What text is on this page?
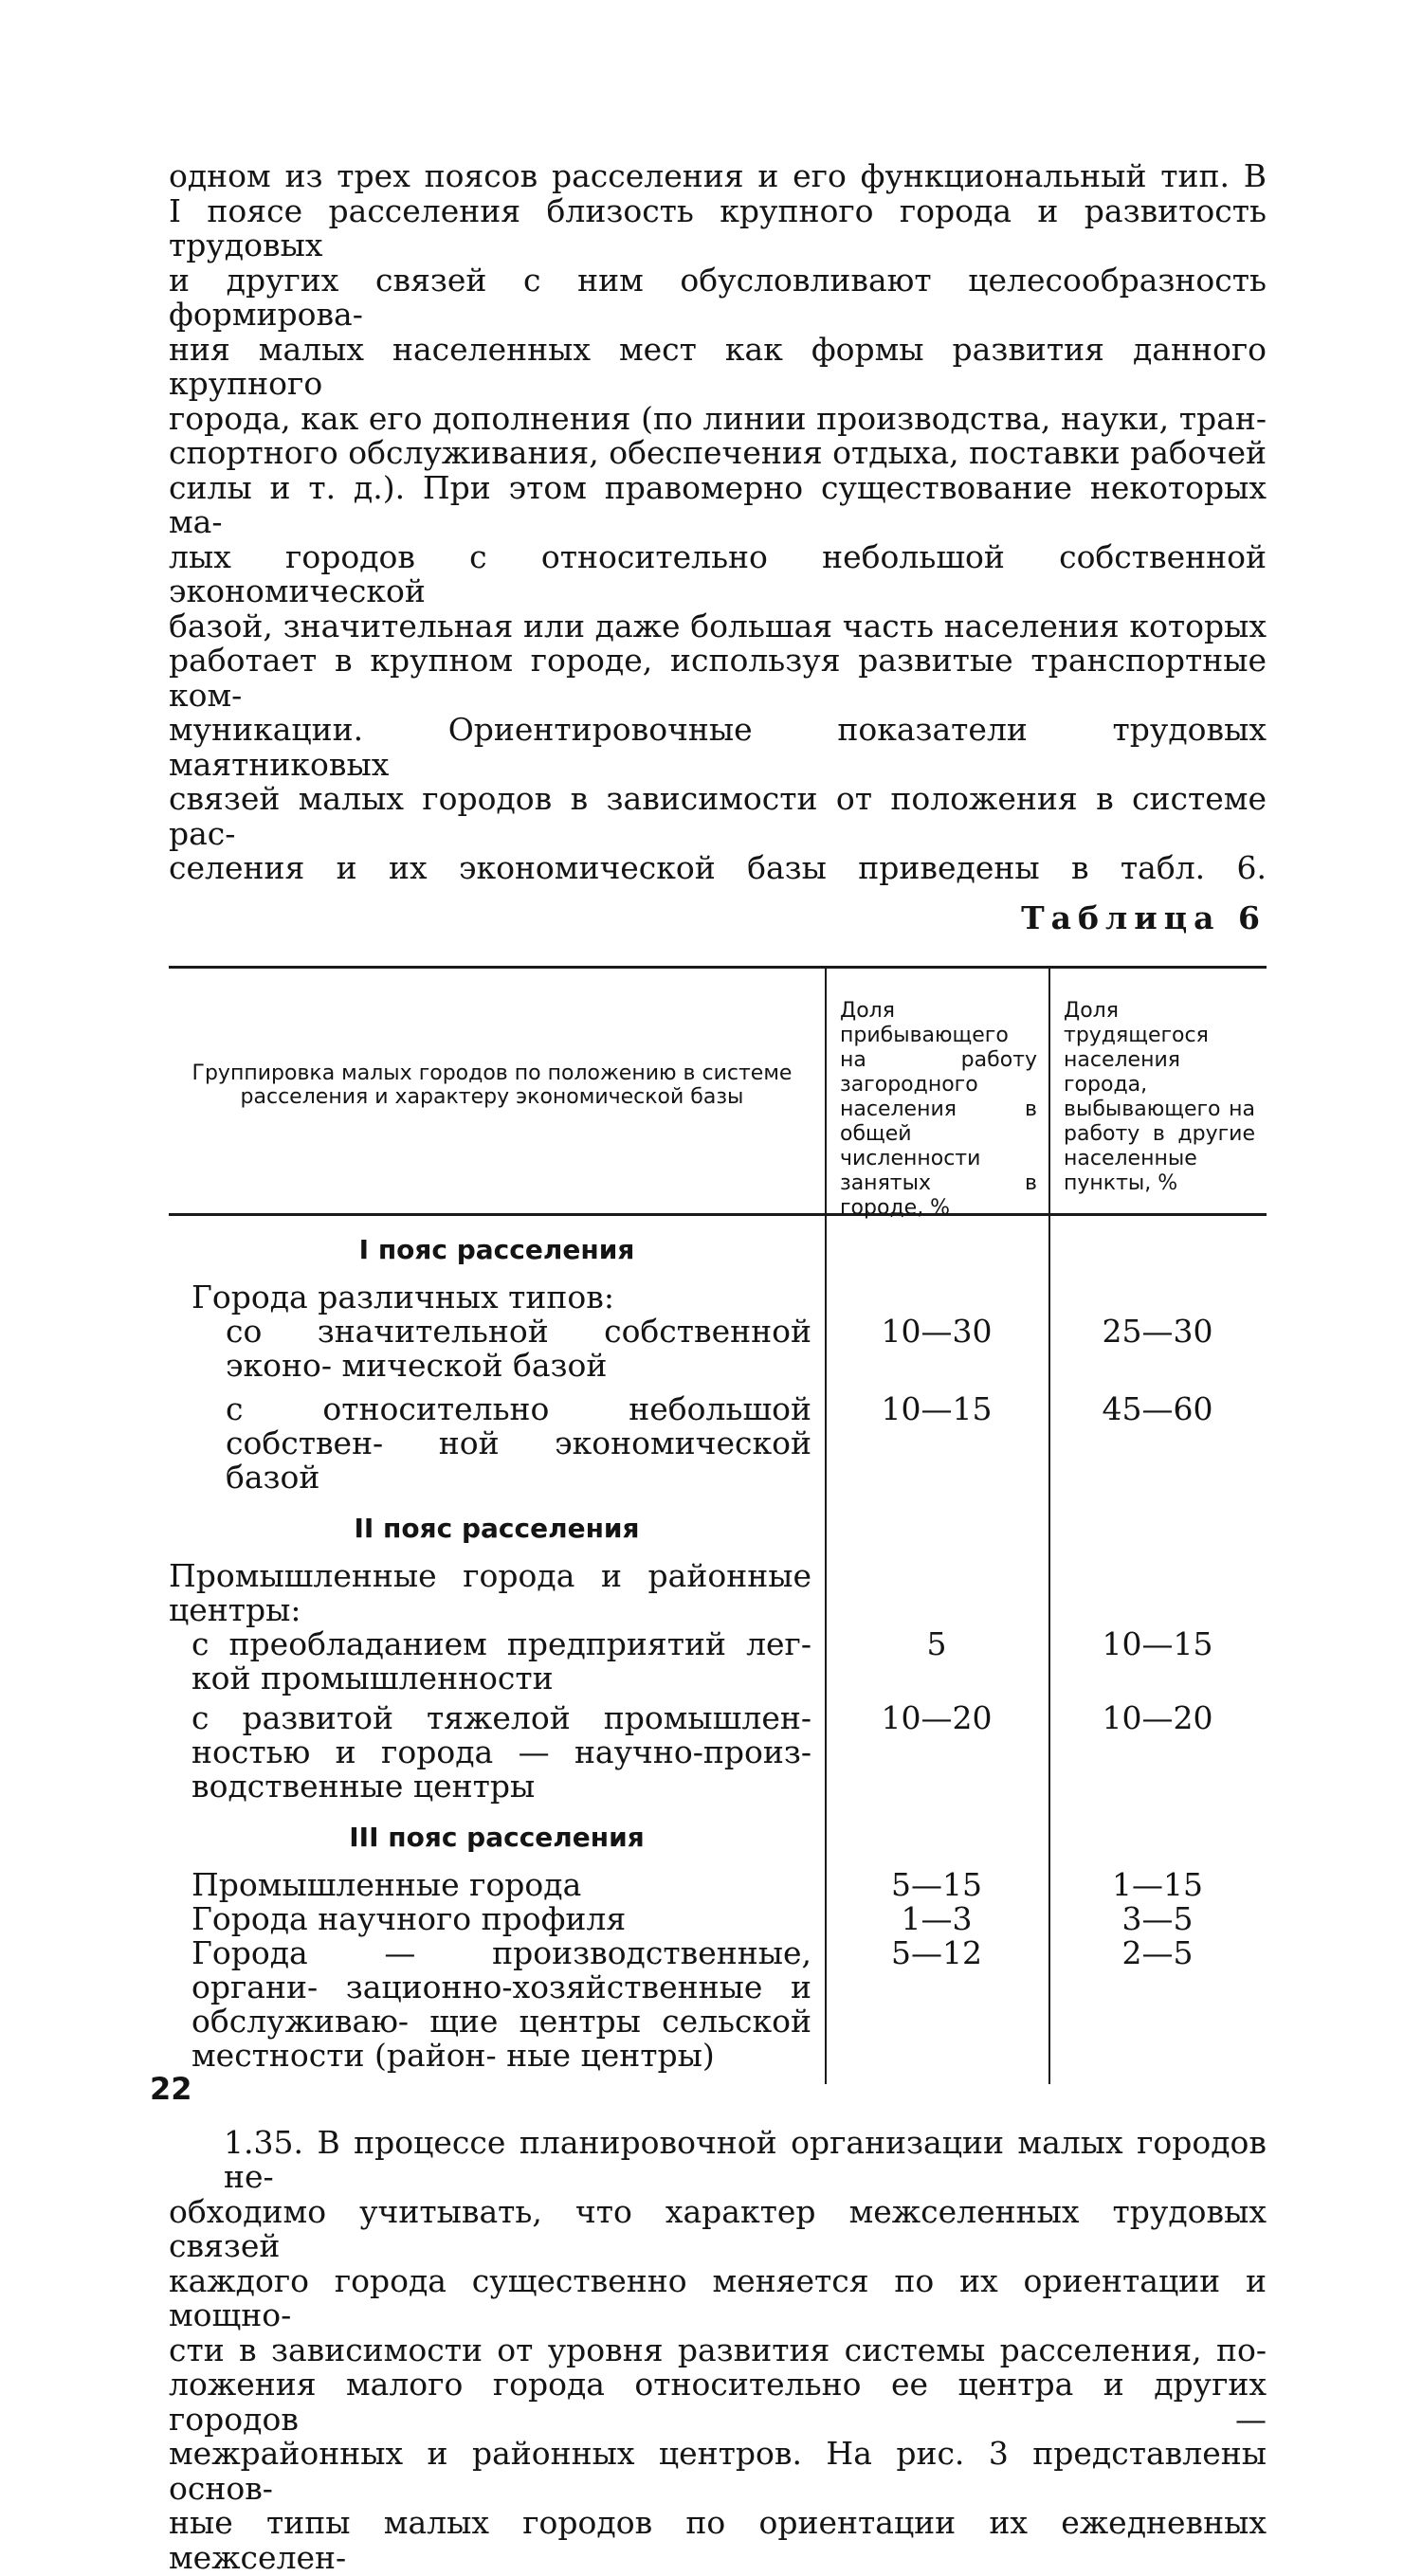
одном из трех поясов расселения и его функциональный тип. В

I поясе расселения близость крупного города и развитость трудовых

и других связей с ним обусловливают целесообразность формирова-

ния малых населенных мест как формы развития данного крупного

города, как его дополнения (по линии производства, науки, тран-

спортного обслуживания, обеспечения отдыха, поставки рабочей

силы и т. д.). При этом правомерно существование некоторых ма-

лых городов с относительно небольшой собственной экономической

базой, значительная или даже большая часть населения которых

работает в крупном городе, используя развитые транспортные ком-

муникации. Ориентировочные показатели трудовых маятниковых

связей малых городов в зависимости от положения в системе рас-

селения и их экономической базы приведены в табл. 6.

Таблица 6
Группировка малых городов по положению в системе расселения и характеру экономической базы
Доля прибывающего на работу загородного населения в общей численности занятых в городе, %
Доля трудящегося населения города, выбывающего на работу в другие населенные пункты, %
I пояс расселения
Города различных типов:
со значительной собственной эконо- мической базой
10—30	25—30
с относительно небольшой собствен- ной экономической базой
10—15	45—60
II пояс расселения
Промышленные города и районные центры:
с преобладанием предприятий лег- кой промышленности
5	10—15
с развитой тяжелой промышлен- ностью и города — научно-произ- водственные центры
10—20	10—20
III пояс расселения
Промышленные города	5—15	1—15
Города научного профиля	1—3	3—5
Города — производственные, органи- зационно-хозяйственные и обслуживаю- щие центры сельской местности (район- ные центры)
5—12	2—5

1.35. В процессе планировочной организации малых городов не-

обходимо учитывать, что характер межселенных трудовых связей

каждого города существенно меняется по их ориентации и мощно-

сти в зависимости от уровня развития системы расселения, по-

ложения малого города относительно ее центра и других городов —

межрайонных и районных центров. На рис. 3 представлены основ-

ные типы малых городов по ориентации их ежедневных межселен-

22
